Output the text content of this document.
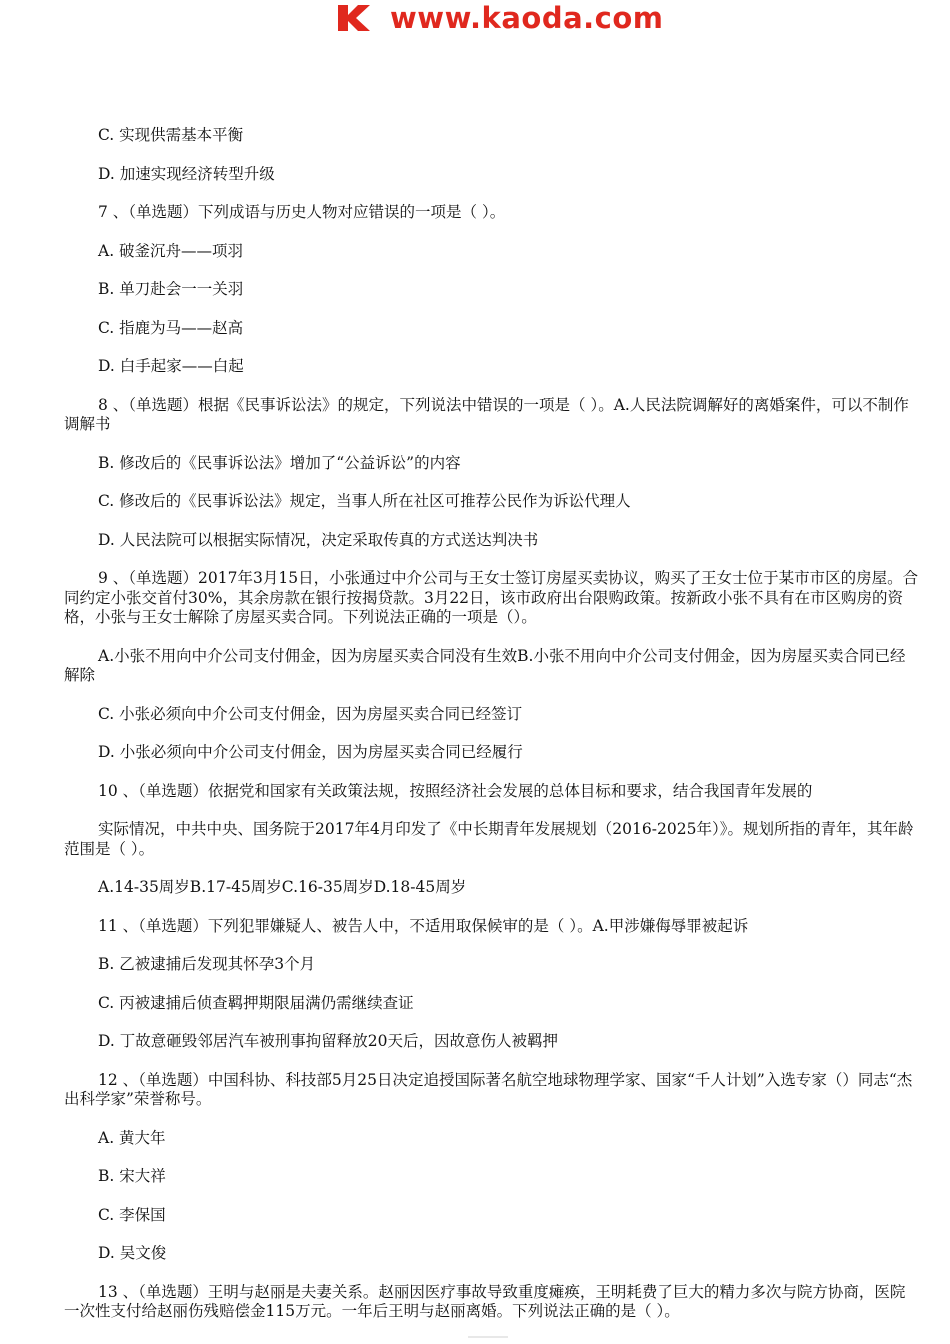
www.kaoda.com

C. 实现供需基本平衡

D. 加速实现经济转型升级

7 、（单选题）下列成语与历史人物对应错误的一项是（ ）。

A. 破釜沉舟——项羽

B. 单刀赴会一一关羽

C. 指鹿为马——赵高

D. 白手起家——白起

8 、（单选题）根据《民事诉讼法》的规定，下列说法中错误的一项是（ ）。A.人民法院调解好的离婚案件，可以不制作调解书

B. 修改后的《民事诉讼法》增加了“公益诉讼”的内容

C. 修改后的《民事诉讼法》规定，当事人所在社区可推荐公民作为诉讼代理人

D. 人民法院可以根据实际情况，决定采取传真的方式送达判决书

9 、（单选题）2017年3月15日，小张通过中介公司与王女士签订房屋买卖协议，购买了王女士位于某市市区的房屋。合同约定小张交首付30%，其余房款在银行按揭贷款。3月22日，该市政府出台限购政策。按新政小张不具有在市区购房的资格，小张与王女士解除了房屋买卖合同。下列说法正确的一项是（）。

A.小张不用向中介公司支付佣金，因为房屋买卖合同没有生效B.小张不用向中介公司支付佣金，因为房屋买卖合同已经解除

C. 小张必须向中介公司支付佣金，因为房屋买卖合同已经签订

D. 小张必须向中介公司支付佣金，因为房屋买卖合同已经履行

10 、（单选题）依据党和国家有关政策法规，按照经济社会发展的总体目标和要求，结合我国青年发展的

实际情况，中共中央、国务院于2017年4月印发了《中长期青年发展规划（2016-2025年）》。规划所指的青年，其年龄范围是（ ）。

A.14-35周岁B.17-45周岁C.16-35周岁D.18-45周岁

11 、（单选题）下列犯罪嫌疑人、被告人中，不适用取保候审的是（ ）。A.甲涉嫌侮辱罪被起诉

B. 乙被逮捕后发现其怀孕3个月

C. 丙被逮捕后侦查羁押期限届满仍需继续查证

D. 丁故意砸毁邻居汽车被刑事拘留释放20天后，因故意伤人被羁押

12 、（单选题）中国科协、科技部5月25日决定追授国际著名航空地球物理学家、国家“千人计划”入选专家（）同志“杰出科学家”荣誉称号。

A. 黄大年

B. 宋大祥

C. 李保国

D. 吴文俊

13 、（单选题）王明与赵丽是夫妻关系。赵丽因医疗事故导致重度瘫痪，王明耗费了巨大的精力多次与院方协商，医院一次性支付给赵丽伤残赔偿金115万元。一年后王明与赵丽离婚。下列说法正确的是（ ）。
